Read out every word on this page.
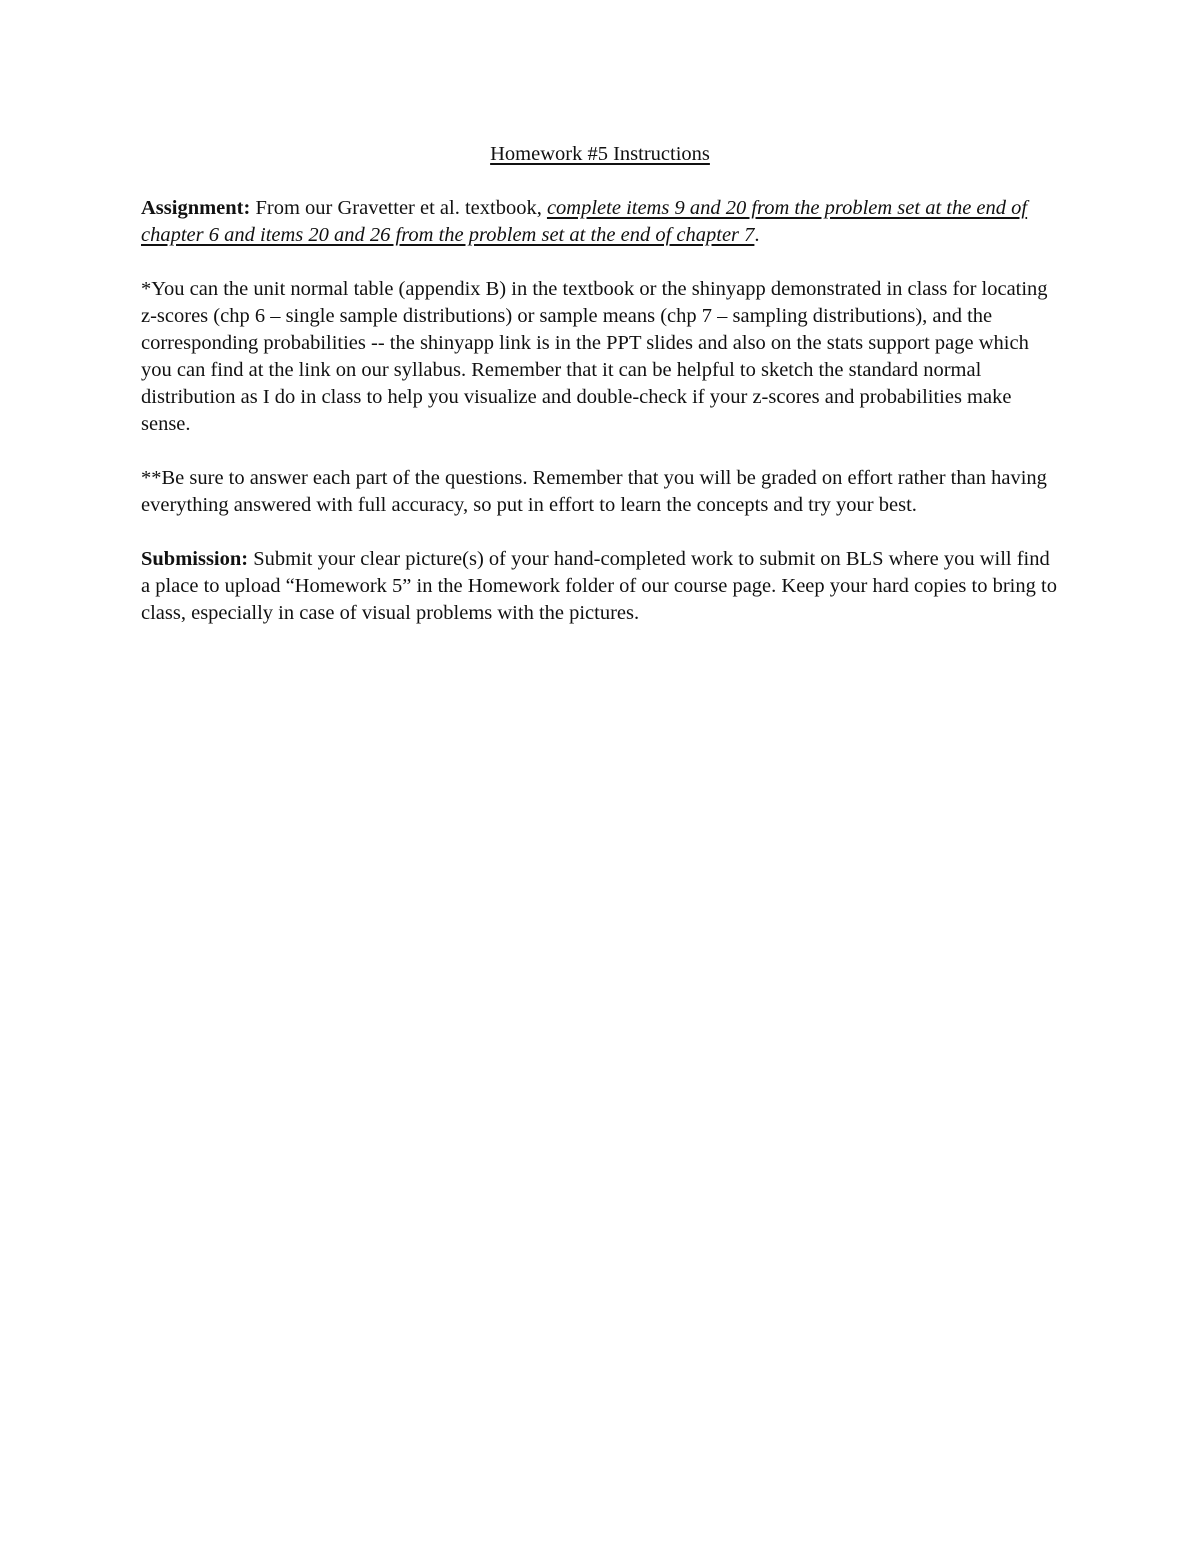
Homework #5 Instructions

Assignment: From our Gravetter et al. textbook, complete items 9 and 20 from the problem set at the end of chapter 6 and items 20 and 26 from the problem set at the end of chapter 7.

*You can the unit normal table (appendix B) in the textbook or the shinyapp demonstrated in class for locating z-scores (chp 6 – single sample distributions) or sample means (chp 7 – sampling distributions), and the corresponding probabilities -- the shinyapp link is in the PPT slides and also on the stats support page which you can find at the link on our syllabus. Remember that it can be helpful to sketch the standard normal distribution as I do in class to help you visualize and double-check if your z-scores and probabilities make sense.

**Be sure to answer each part of the questions. Remember that you will be graded on effort rather than having everything answered with full accuracy, so put in effort to learn the concepts and try your best.

Submission: Submit your clear picture(s) of your hand-completed work to submit on BLS where you will find a place to upload “Homework 5” in the Homework folder of our course page. Keep your hard copies to bring to class, especially in case of visual problems with the pictures.
